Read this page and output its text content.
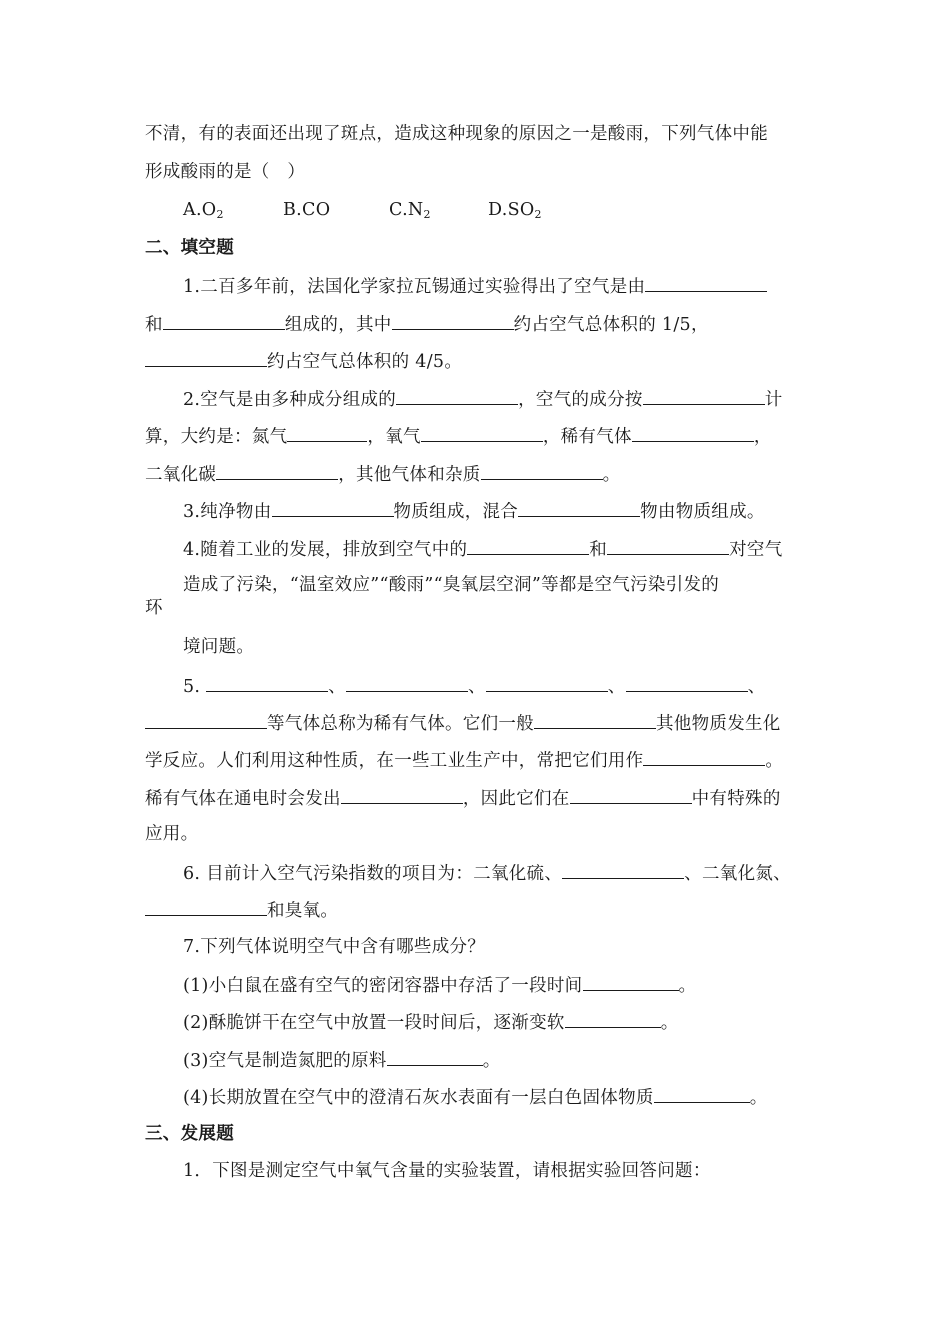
不清，有的表面还出现了斑点，造成这种现象的原因之一是酸雨，下列气体中能
形成酸雨的是（　）
$A.O_2$	B.CO	$C.N_2$	$D.SO_2$
二、填空题
1.二百多年前，法国化学家拉瓦锡通过实验得出了空气是由
和	组成的，其中	约占空气总体积的 1/5，
约占空气总体积的 4/5。
2.空气是由多种成分组成的	，空气的成分按	计
算，大约是：氮气	，氧气	，稀有气体	，
二氧化碳	，其他气体和杂质	。
3.纯净物由	物质组成，混合	物由物质组成。
4.随着工业的发展，排放到空气中的	和	对空气
造成了污染，“温室效应”“酸雨”“臭氧层空洞”等都是空气污染引发的
环
境问题。
5.	、	、	、	、
等气体总称为稀有气体。它们一般	其他物质发生化
学反应。人们利用这种性质，在一些工业生产中，常把它们用作	。
稀有气体在通电时会发出	，因此它们在	中有特殊的
应用。
6. 目前计入空气污染指数的项目为：二氧化硫、	、二氧化氮、
和臭氧。
7.下列气体说明空气中含有哪些成分？
(1)小白鼠在盛有空气的密闭容器中存活了一段时间	。
(2)酥脆饼干在空气中放置一段时间后，逐渐变软	。
(3)空气是制造氮肥的原料	。
(4)长期放置在空气中的澄清石灰水表面有一层白色固体物质	。
三、发展题
1．下图是测定空气中氧气含量的实验装置，请根据实验回答问题：
